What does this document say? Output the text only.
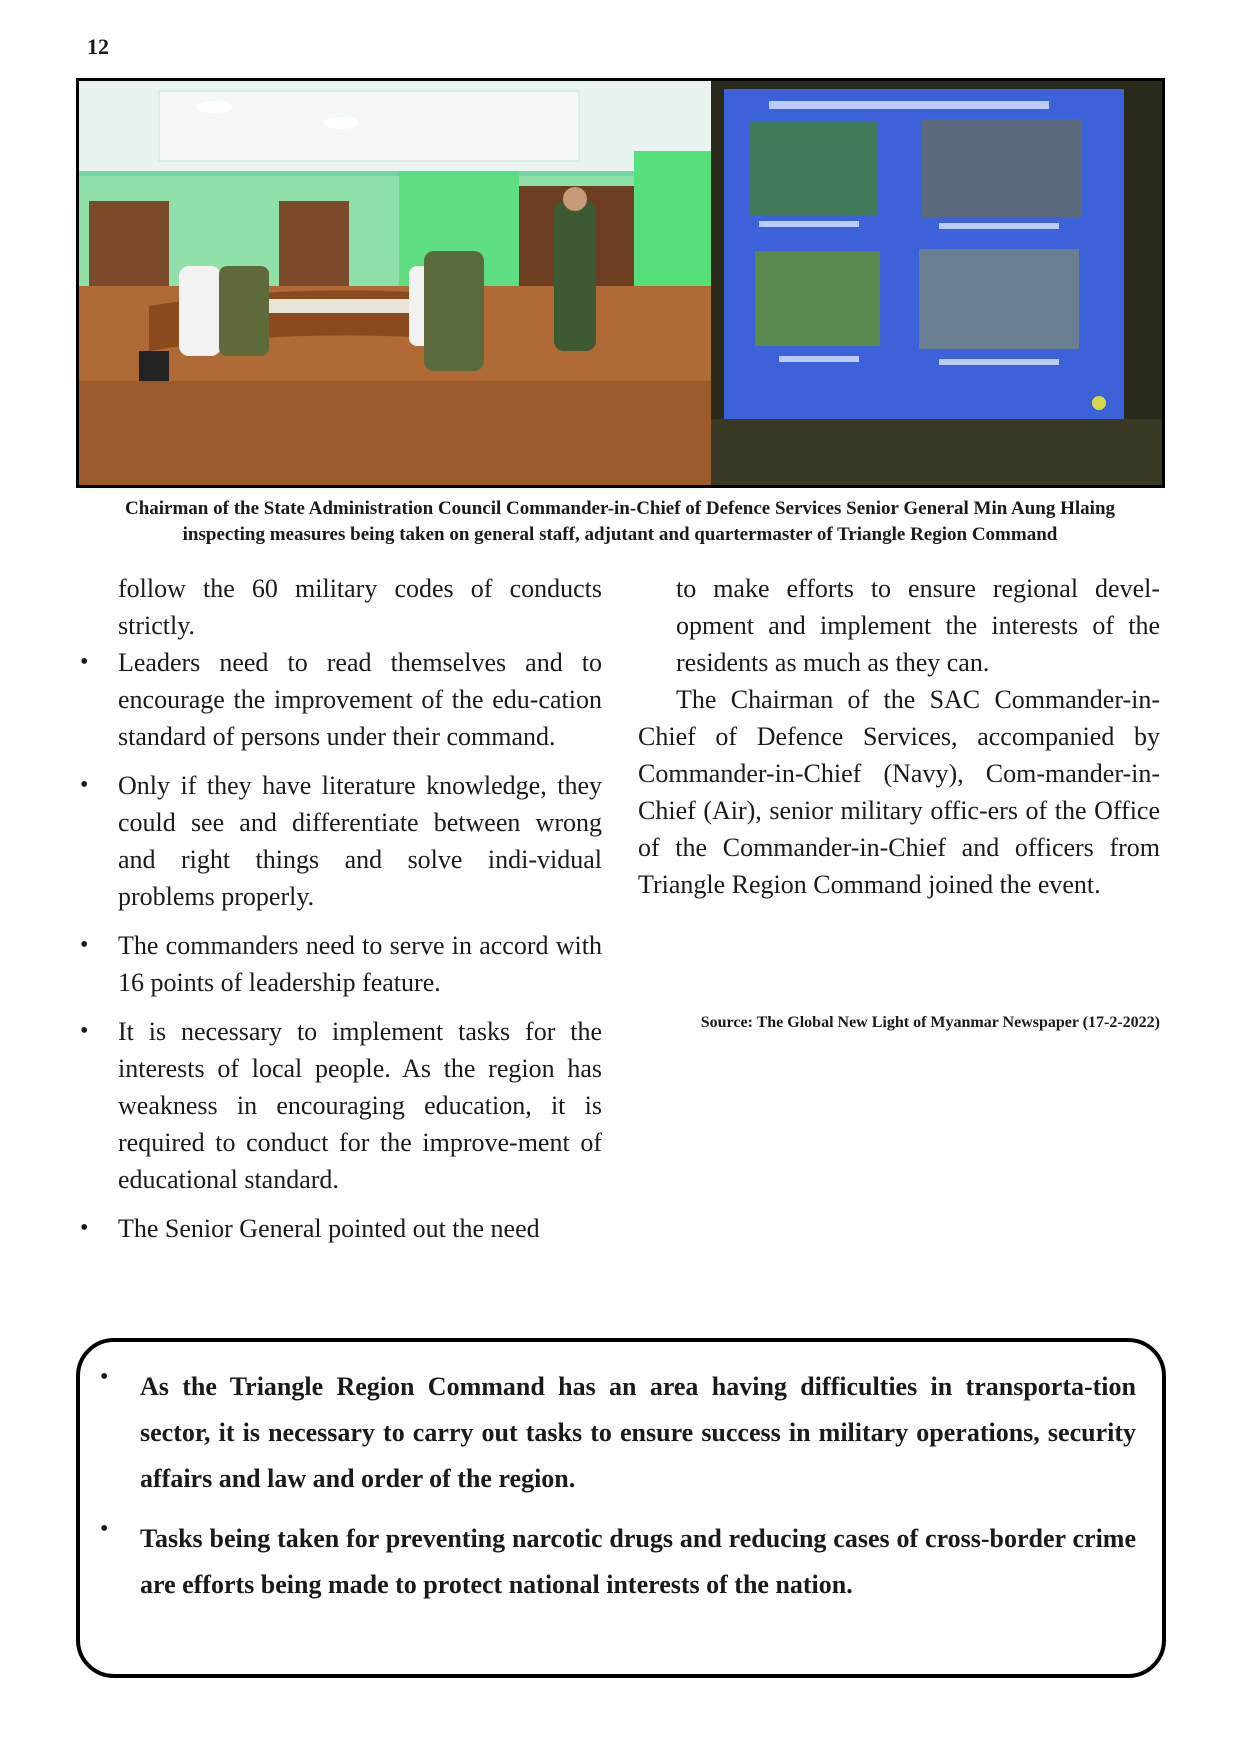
12
Chairman of the State Administration Council Commander-in-Chief of Defence Services Senior General Min Aung Hlaing inspecting measures being taken on general staff, adjutant and quartermaster of Triangle Region Command

follow the 60 military codes of conducts strictly.

•	Leaders need to read themselves and to encourage the improvement of the edu-cation standard of persons under their command.
•	Only if they have literature knowledge, they could see and differentiate between wrong and right things and solve indi-vidual problems properly.
•	The commanders need to serve in accord with 16 points of leadership feature.
•	It is necessary to implement tasks for the interests of local people. As the region has weakness in encouraging education, it is required to conduct for the improve-ment of educational standard.
•	The Senior General pointed out the need

to make efforts to ensure regional devel-opment and implement the interests of the residents as much as they can.

The Chairman of the SAC Commander-in-Chief of Defence Services, accompanied by Commander-in-Chief (Navy), Com-mander-in-Chief (Air), senior military offic-ers of the Office of the Commander-in-Chief and officers from Triangle Region Command joined the event.

Source: The Global New Light of Myanmar Newspaper (17-2-2022)
• As the Triangle Region Command has an area having difficulties in transporta-tion sector, it is necessary to carry out tasks to ensure success in military operations, security affairs and law and order of the region.
• Tasks being taken for preventing narcotic drugs and reducing cases of cross-border crime are efforts being made to protect national interests of the nation.
